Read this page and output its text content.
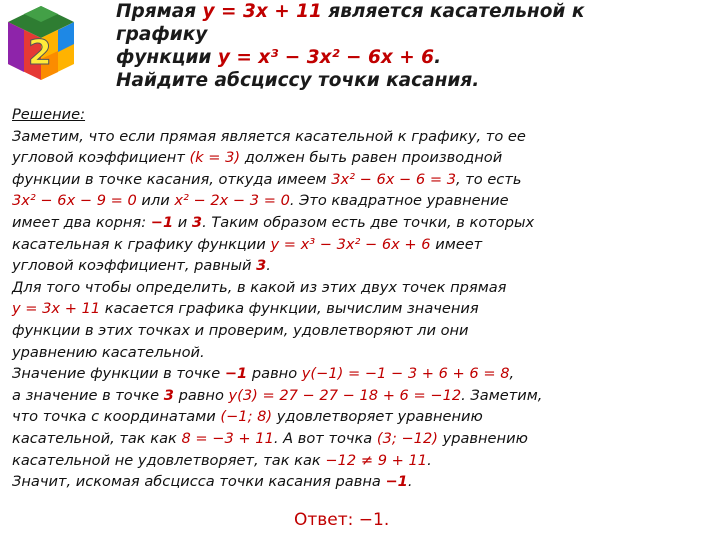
2
Прямая y = 3x + 11 является касательной к
графику
функции y = x³ − 3x² − 6x + 6.
Найдите абсциссу точки касания.
Решение:
Заметим, что если прямая является касательной к графику, то ее
угловой коэффициент (k = 3) должен быть равен производной
функции в точке касания, откуда имеем 3x² − 6x − 6 = 3, то есть
3x² − 6x − 9 = 0 или x² − 2x − 3 = 0. Это квадратное уравнение
имеет два корня: −1 и 3. Таким образом есть две точки, в которых
касательная к графику функции y = x³ − 3x² − 6x + 6 имеет
угловой коэффициент, равный 3.
Для того чтобы определить, в какой из этих двух точек прямая
y = 3x + 11 касается графика функции, вычислим значения
функции в этих точках и проверим, удовлетворяют ли они
уравнению касательной.
Значение функции в точке −1 равно y(−1) = −1 − 3 + 6 + 6 = 8,
а значение в точке 3 равно y(3) = 27 − 27 − 18 + 6 = −12. Заметим,
что точка с координатами (−1; 8) удовлетворяет уравнению
касательной, так как 8 = −3 + 11. А вот точка (3; −12) уравнению
касательной не удовлетворяет, так как −12 ≠ 9 + 11.
Значит, искомая абсцисса точки касания равна −1.
Ответ: −1.
